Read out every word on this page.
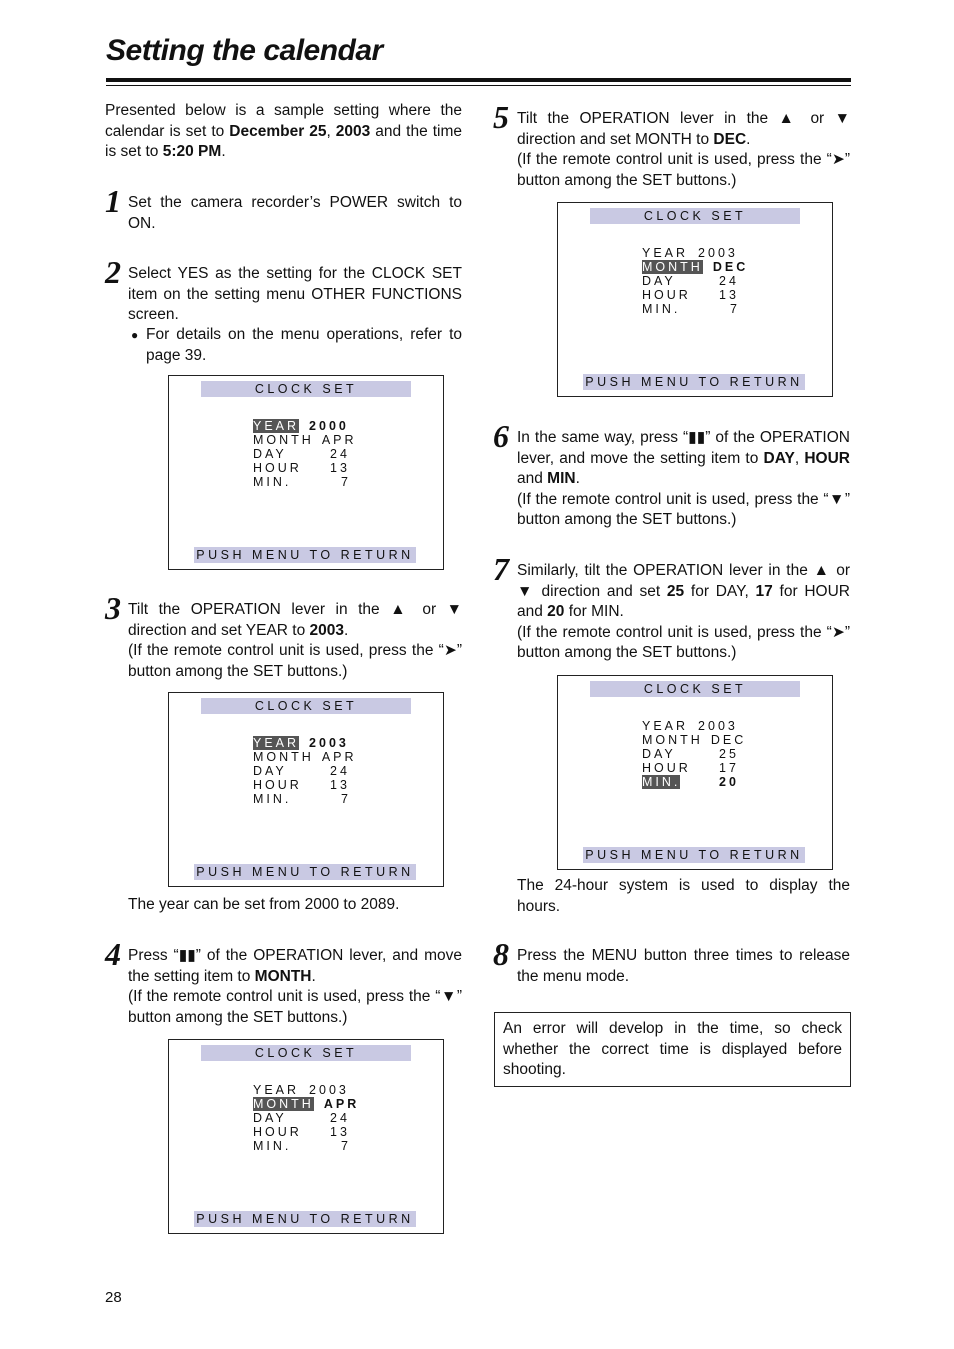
Setting the calendar
Presented below is a sample setting where the calendar is set to December 25, 2003 and the time is set to 5:20 PM.
1 Set the camera recorder’s POWER switch to ON.
2 Select YES as the setting for the CLOCK SET item on the setting menu OTHER FUNCTIONS screen.
● For details on the menu operations, refer to page 39.
CLOCK SET
YEAR 2000
MONTH APR
DAY	24
HOUR 13
MIN.	7
PUSH MENU TO RETURN
3 Tilt the OPERATION lever in the ▲ or ▼ direction and set YEAR to 2003.
(If the remote control unit is used, press the “➤” button among the SET buttons.)
CLOCK SET
YEAR 2003
MONTH APR
DAY	24
HOUR 13
MIN.	7
PUSH MENU TO RETURN
The year can be set from 2000 to 2089.
4 Press “▮▮” of the OPERATION lever, and move the setting item to MONTH.
(If the remote control unit is used, press the “▼” button among the SET buttons.)
CLOCK SET
YEAR 2003
MONTH APR
DAY	24
HOUR 13
MIN.	7
PUSH MENU TO RETURN
5 Tilt the OPERATION lever in the ▲ or ▼ direction and set MONTH to DEC.
(If the remote control unit is used, press the “➤” button among the SET buttons.)
CLOCK SET
YEAR 2003
MONTH DEC
DAY	24
HOUR 13
MIN.	7
PUSH MENU TO RETURN
6 In the same way, press “▮▮” of the OPERATION lever, and move the setting item to DAY, HOUR and MIN.
(If the remote control unit is used, press the “▼” button among the SET buttons.)
7 Similarly, tilt the OPERATION lever in the ▲ or ▼ direction and set 25 for DAY, 17 for HOUR and 20 for MIN.
(If the remote control unit is used, press the “➤” button among the SET buttons.)
CLOCK SET
YEAR 2003
MONTH DEC
DAY	25
HOUR 17
MIN.	20
PUSH MENU TO RETURN
The 24-hour system is used to display the hours.
8 Press the MENU button three times to release the menu mode.
An error will develop in the time, so check whether the correct time is displayed before shooting.
28
